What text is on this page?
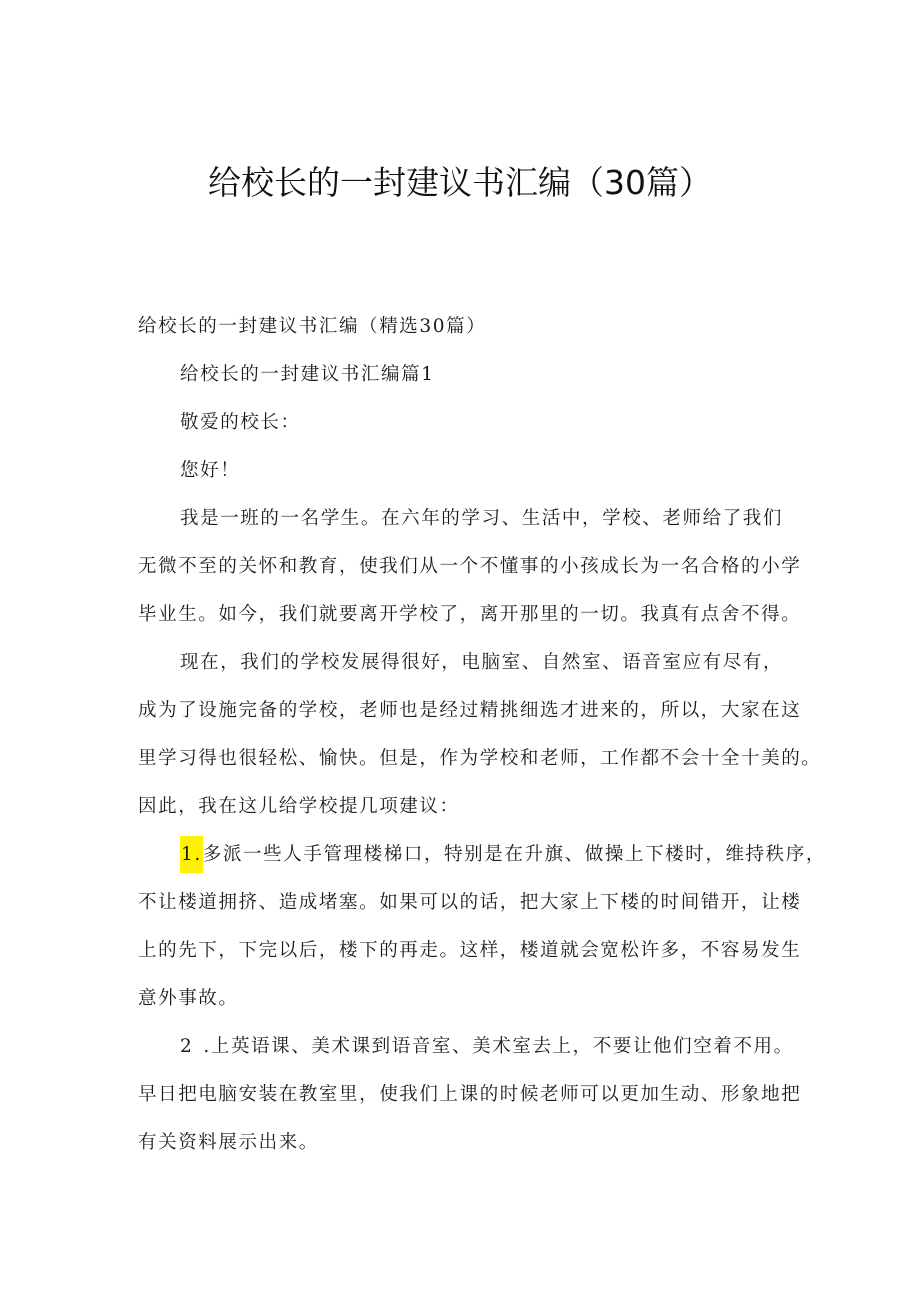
给校长的一封建议书汇编（30篇）
给校长的一封建议书汇编（精选30篇）
给校长的一封建议书汇编篇1
敬爱的校长：
您好！
我是一班的一名学生。在六年的学习、生活中，学校、老师给了我们
无微不至的关怀和教育，使我们从一个不懂事的小孩成长为一名合格的小学
毕业生。如今，我们就要离开学校了，离开那里的一切。我真有点舍不得。
现在，我们的学校发展得很好，电脑室、自然室、语音室应有尽有，
成为了设施完备的学校，老师也是经过精挑细选才进来的，所以，大家在这
里学习得也很轻松、愉快。但是，作为学校和老师，工作都不会十全十美的。
因此，我在这儿给学校提几项建议：
1.多派一些人手管理楼梯口，特别是在升旗、做操上下楼时，维持秩序，
不让楼道拥挤、造成堵塞。如果可以的话，把大家上下楼的时间错开，让楼
上的先下，下完以后，楼下的再走。这样，楼道就会宽松许多，不容易发生
意外事故。
2 .上英语课、美术课到语音室、美术室去上，不要让他们空着不用。
早日把电脑安装在教室里，使我们上课的时候老师可以更加生动、形象地把
有关资料展示出来。
